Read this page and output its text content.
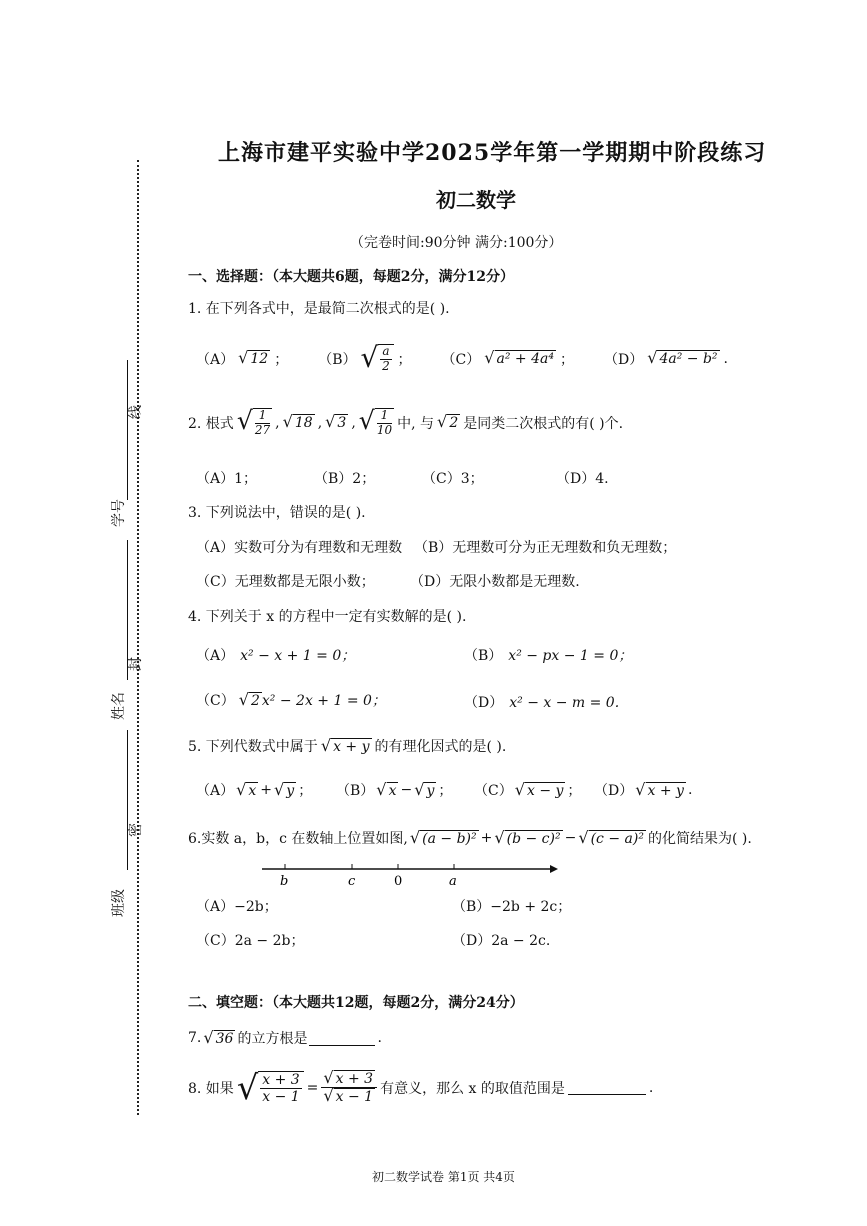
线
学号
封
姓名
密
班级
上海市建平实验中学2025学年第一学期期中阶段练习
初二数学
（完卷时间:90分钟 满分:100分）
一、选择题：（本大题共6题，每题2分，满分12分）
1. 在下列各式中，是最简二次根式的是( ).
（A） √ 12 ； （B） √ $\frac{a}{2}$ ； （C） √ a² + 4a⁴ ； （D） √ 4a² − b² .
2. 根式 √ $\frac{1}{27}$ , √ 18 , √ 3 , √ $\frac{1}{10}$ 中, 与 √ 2 是同类二次根式的有( )个.
（A）1；	（B）2；	（C）3；	（D）4.
3. 下列说法中，错误的是( ).
（A）实数可分为有理数和无理数 （B）无理数可分为正无理数和负无理数；
（C）无理数都是无限小数；	（D）无限小数都是无理数.
4. 下列关于 x 的方程中一定有实数解的是( ).
（A） x² − x + 1 = 0；	（B） x² − px − 1 = 0；
（C） √ 2 x² − 2x + 1 = 0；	（D） x² − x − m = 0.
5. 下列代数式中属于 √ x + y 的有理化因式的是( ).
（A） √ x + √ y ； （B） √ x − √ y ； （C） √ x − y ； （D） √ x + y .
6.实数 a，b，c 在数轴上位置如图, √ (a − b)² + √ (b − c)² − √ (c − a)² 的化简结果为( ).
b	c	0	a
（A）−2b；	（B）−2b + 2c；
（C）2a − 2b；	（D）2a − 2c.
二、填空题：（本大题共12题，每题2分，满分24分）
7. √ 36 的立方根是	.
8. 如果 √ $\frac{x + 3}{x - 1} = \frac{√ x + 3}{√ x - 1}$ 有意义，那么 x 的取值范围是	.
初二数学试卷 第1页 共4页
